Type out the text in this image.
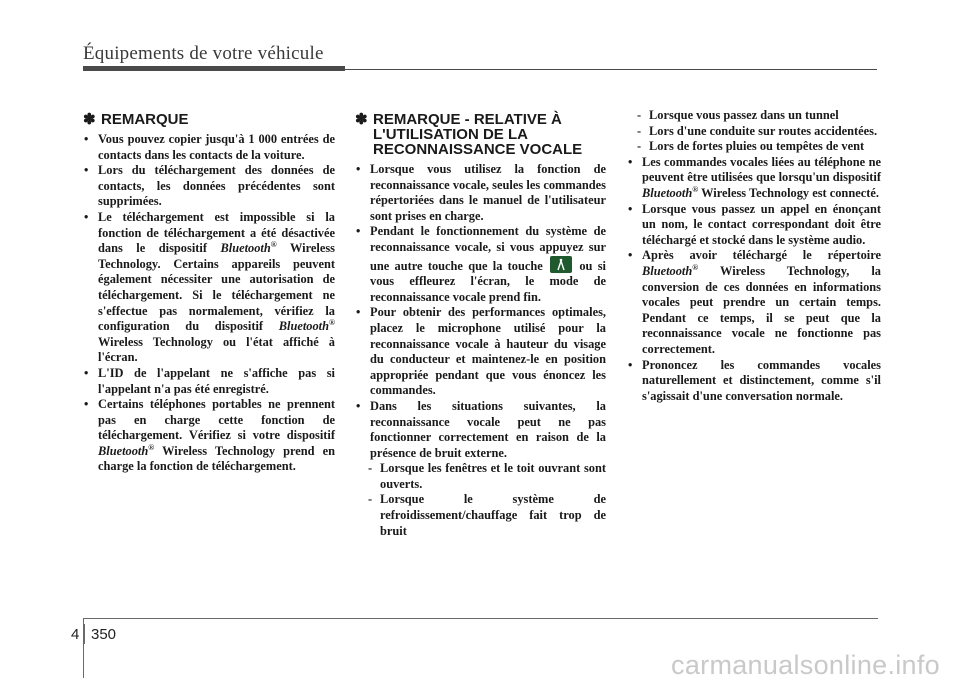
Équipements de votre véhicule
✽ REMARQUE
• Vous pouvez copier jusqu'à 1 000 entrées de contacts dans les contacts de la voiture.
• Lors du téléchargement des données de contacts, les données précédentes sont supprimées.
• Le téléchargement est impossible si la fonction de téléchargement a été désactivée dans le dispositif Bluetooth® Wireless Technology. Certains appareils peuvent également nécessiter une autorisation de téléchargement. Si le téléchargement ne s'effectue pas normalement, vérifiez la configuration du dispositif Bluetooth® Wireless Technology ou l'état affiché à l'écran.
• L'ID de l'appelant ne s'affiche pas si l'appelant n'a pas été enregistré.
• Certains téléphones portables ne prennent pas en charge cette fonction de téléchargement. Vérifiez si votre dispositif Bluetooth® Wireless Technology prend en charge la fonction de téléchargement.
✽ REMARQUE - RELATIVE À L'UTILISATION DE LA RECONNAISSANCE VOCALE
• Lorsque vous utilisez la fonction de reconnaissance vocale, seules les commandes répertoriées dans le manuel de l'utilisateur sont prises en charge.
• Pendant le fonctionnement du système de reconnaissance vocale, si vous appuyez sur une autre touche que la touche	ou si vous effleurez l'écran, le mode de reconnaissance vocale prend fin.
• Pour obtenir des performances optimales, placez le microphone utilisé pour la reconnaissance vocale à hauteur du visage du conducteur et maintenez-le en position appropriée pendant que vous énoncez les commandes.
• Dans les situations suivantes, la reconnaissance vocale peut ne pas fonctionner correctement en raison de la présence de bruit externe.
- Lorsque les fenêtres et le toit ouvrant sont ouverts.
- Lorsque le système de refroidissement/chauffage fait trop de bruit
- Lorsque vous passez dans un tunnel
- Lors d'une conduite sur routes accidentées.
- Lors de fortes pluies ou tempêtes de vent
• Les commandes vocales liées au téléphone ne peuvent être utilisées que lorsqu'un dispositif Bluetooth® Wireless Technology est connecté.
• Lorsque vous passez un appel en énonçant un nom, le contact correspondant doit être téléchargé et stocké dans le système audio.
• Après avoir téléchargé le répertoire Bluetooth® Wireless Technology, la conversion de ces données en informations vocales peut prendre un certain temps. Pendant ce temps, il se peut que la reconnaissance vocale ne fonctionne pas correctement.
• Prononcez les commandes vocales naturellement et distinctement, comme s'il s'agissait d'une conversation normale.
4 350
carmanualsonline.info
